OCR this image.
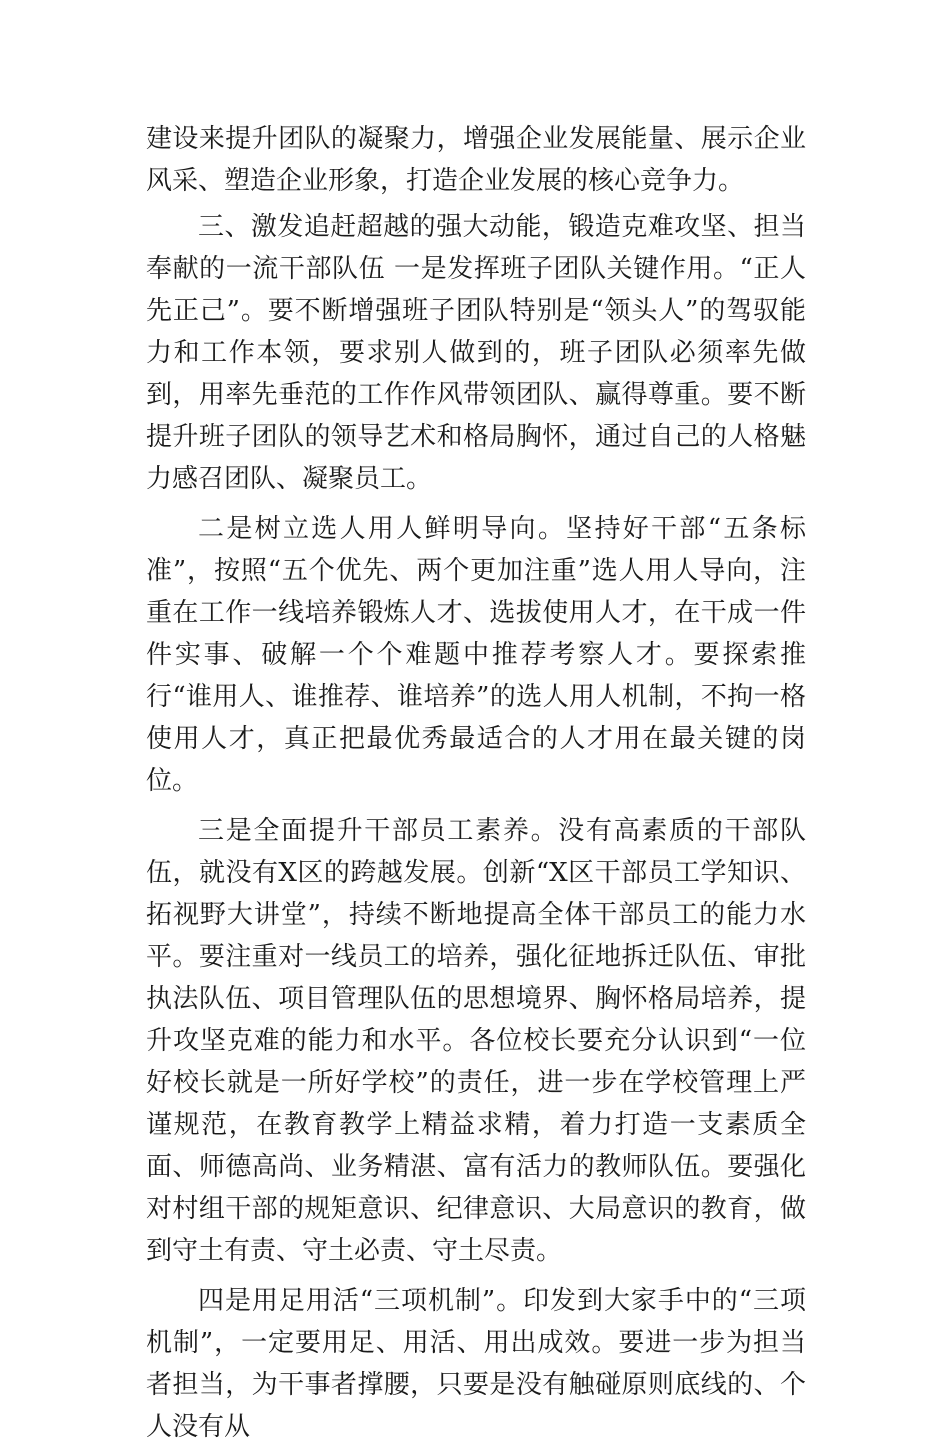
建设来提升团队的凝聚力，增强企业发展能量、展示企业风采、塑造企业形象，打造企业发展的核心竞争力。

三、激发追赶超越的强大动能，锻造克难攻坚、担当奉献的一流干部队伍 一是发挥班子团队关键作用。“正人先正己”。要不断增强班子团队特别是“领头人”的驾驭能力和工作本领，要求别人做到的，班子团队必须率先做到，用率先垂范的工作作风带领团队、赢得尊重。要不断提升班子团队的领导艺术和格局胸怀，通过自己的人格魅力感召团队、凝聚员工。

二是树立选人用人鲜明导向。坚持好干部“五条标准”，按照“五个优先、两个更加注重”选人用人导向，注重在工作一线培养锻炼人才、选拔使用人才，在干成一件件实事、破解一个个难题中推荐考察人才。要探索推行“谁用人、谁推荐、谁培养”的选人用人机制，不拘一格使用人才，真正把最优秀最适合的人才用在最关键的岗位。

三是全面提升干部员工素养。没有高素质的干部队伍，就没有X区的跨越发展。创新“X区干部员工学知识、拓视野大讲堂”，持续不断地提高全体干部员工的能力水平。要注重对一线员工的培养，强化征地拆迁队伍、审批执法队伍、项目管理队伍的思想境界、胸怀格局培养，提升攻坚克难的能力和水平。各位校长要充分认识到“一位好校长就是一所好学校”的责任，进一步在学校管理上严谨规范，在教育教学上精益求精，着力打造一支素质全面、师德高尚、业务精湛、富有活力的教师队伍。要强化对村组干部的规矩意识、纪律意识、大局意识的教育，做到守土有责、守土必责、守土尽责。

四是用足用活“三项机制”。印发到大家手中的“三项机制”，一定要用足、用活、用出成效。要进一步为担当者担当，为干事者撑腰，只要是没有触碰原则底线的、个人没有从
